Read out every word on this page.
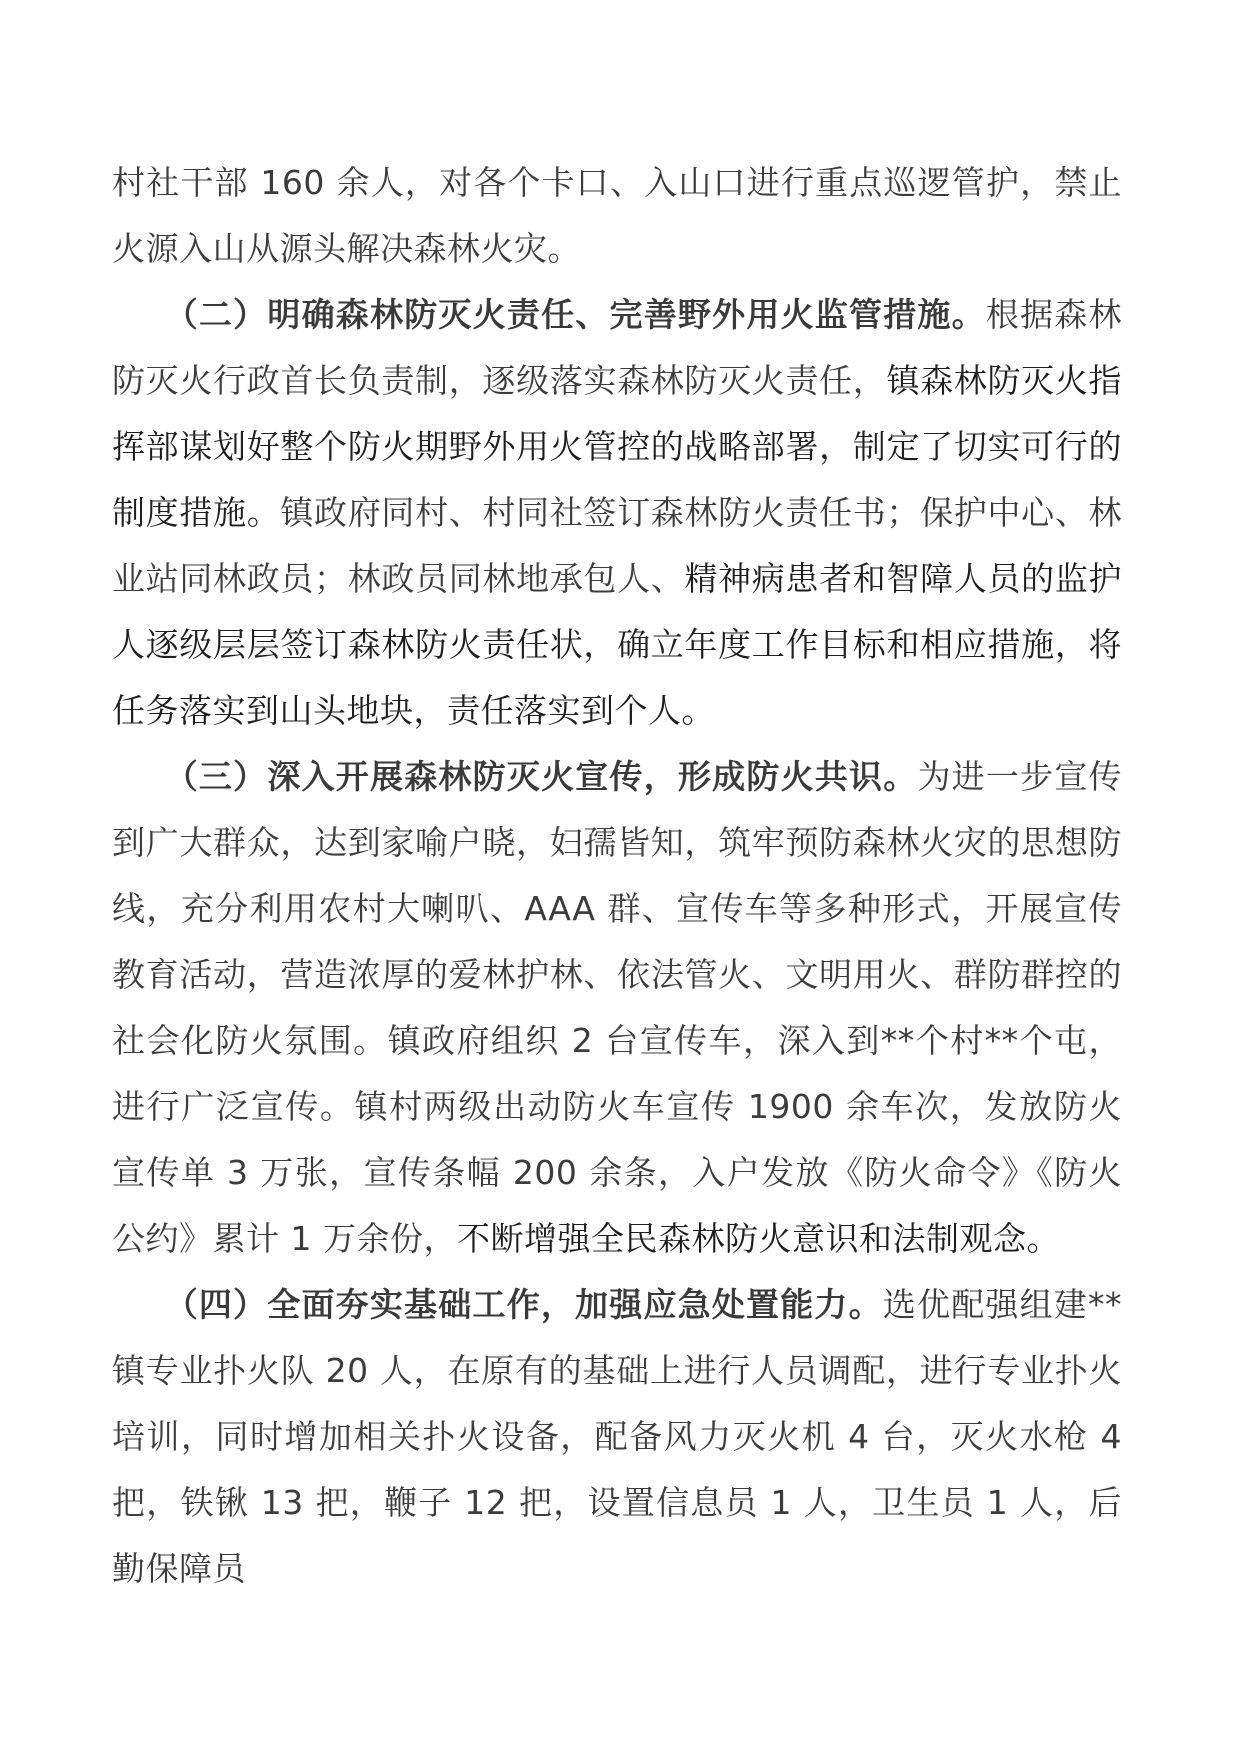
村社干部 160 余人，对各个卡口、入山口进行重点巡逻管护，禁止火源入山从源头解决森林火灾。

（二）明确森林防灭火责任、完善野外用火监管措施。根据森林防灭火行政首长负责制，逐级落实森林防灭火责任，镇森林防灭火指挥部谋划好整个防火期野外用火管控的战略部署，制定了切实可行的制度措施。镇政府同村、村同社签订森林防火责任书；保护中心、林业站同林政员；林政员同林地承包人、精神病患者和智障人员的监护人逐级层层签订森林防火责任状，确立年度工作目标和相应措施，将任务落实到山头地块，责任落实到个人。

（三）深入开展森林防灭火宣传，形成防火共识。为进一步宣传到广大群众，达到家喻户晓，妇孺皆知，筑牢预防森林火灾的思想防线，充分利用农村大喇叭、AAA 群、宣传车等多种形式，开展宣传教育活动，营造浓厚的爱林护林、依法管火、文明用火、群防群控的社会化防火氛围。镇政府组织 2 台宣传车，深入到**个村**个屯，进行广泛宣传。镇村两级出动防火车宣传 1900 余车次，发放防火宣传单 3 万张，宣传条幅 200 余条，入户发放《防火命令》《防火公约》累计 1 万余份，不断增强全民森林防火意识和法制观念。

（四）全面夯实基础工作，加强应急处置能力。选优配强组建**镇专业扑火队 20 人，在原有的基础上进行人员调配，进行专业扑火培训，同时增加相关扑火设备，配备风力灭火机 4 台，灭火水枪 4 把，铁锹 13 把，鞭子 12 把，设置信息员 1 人，卫生员 1 人，后勤保障员
